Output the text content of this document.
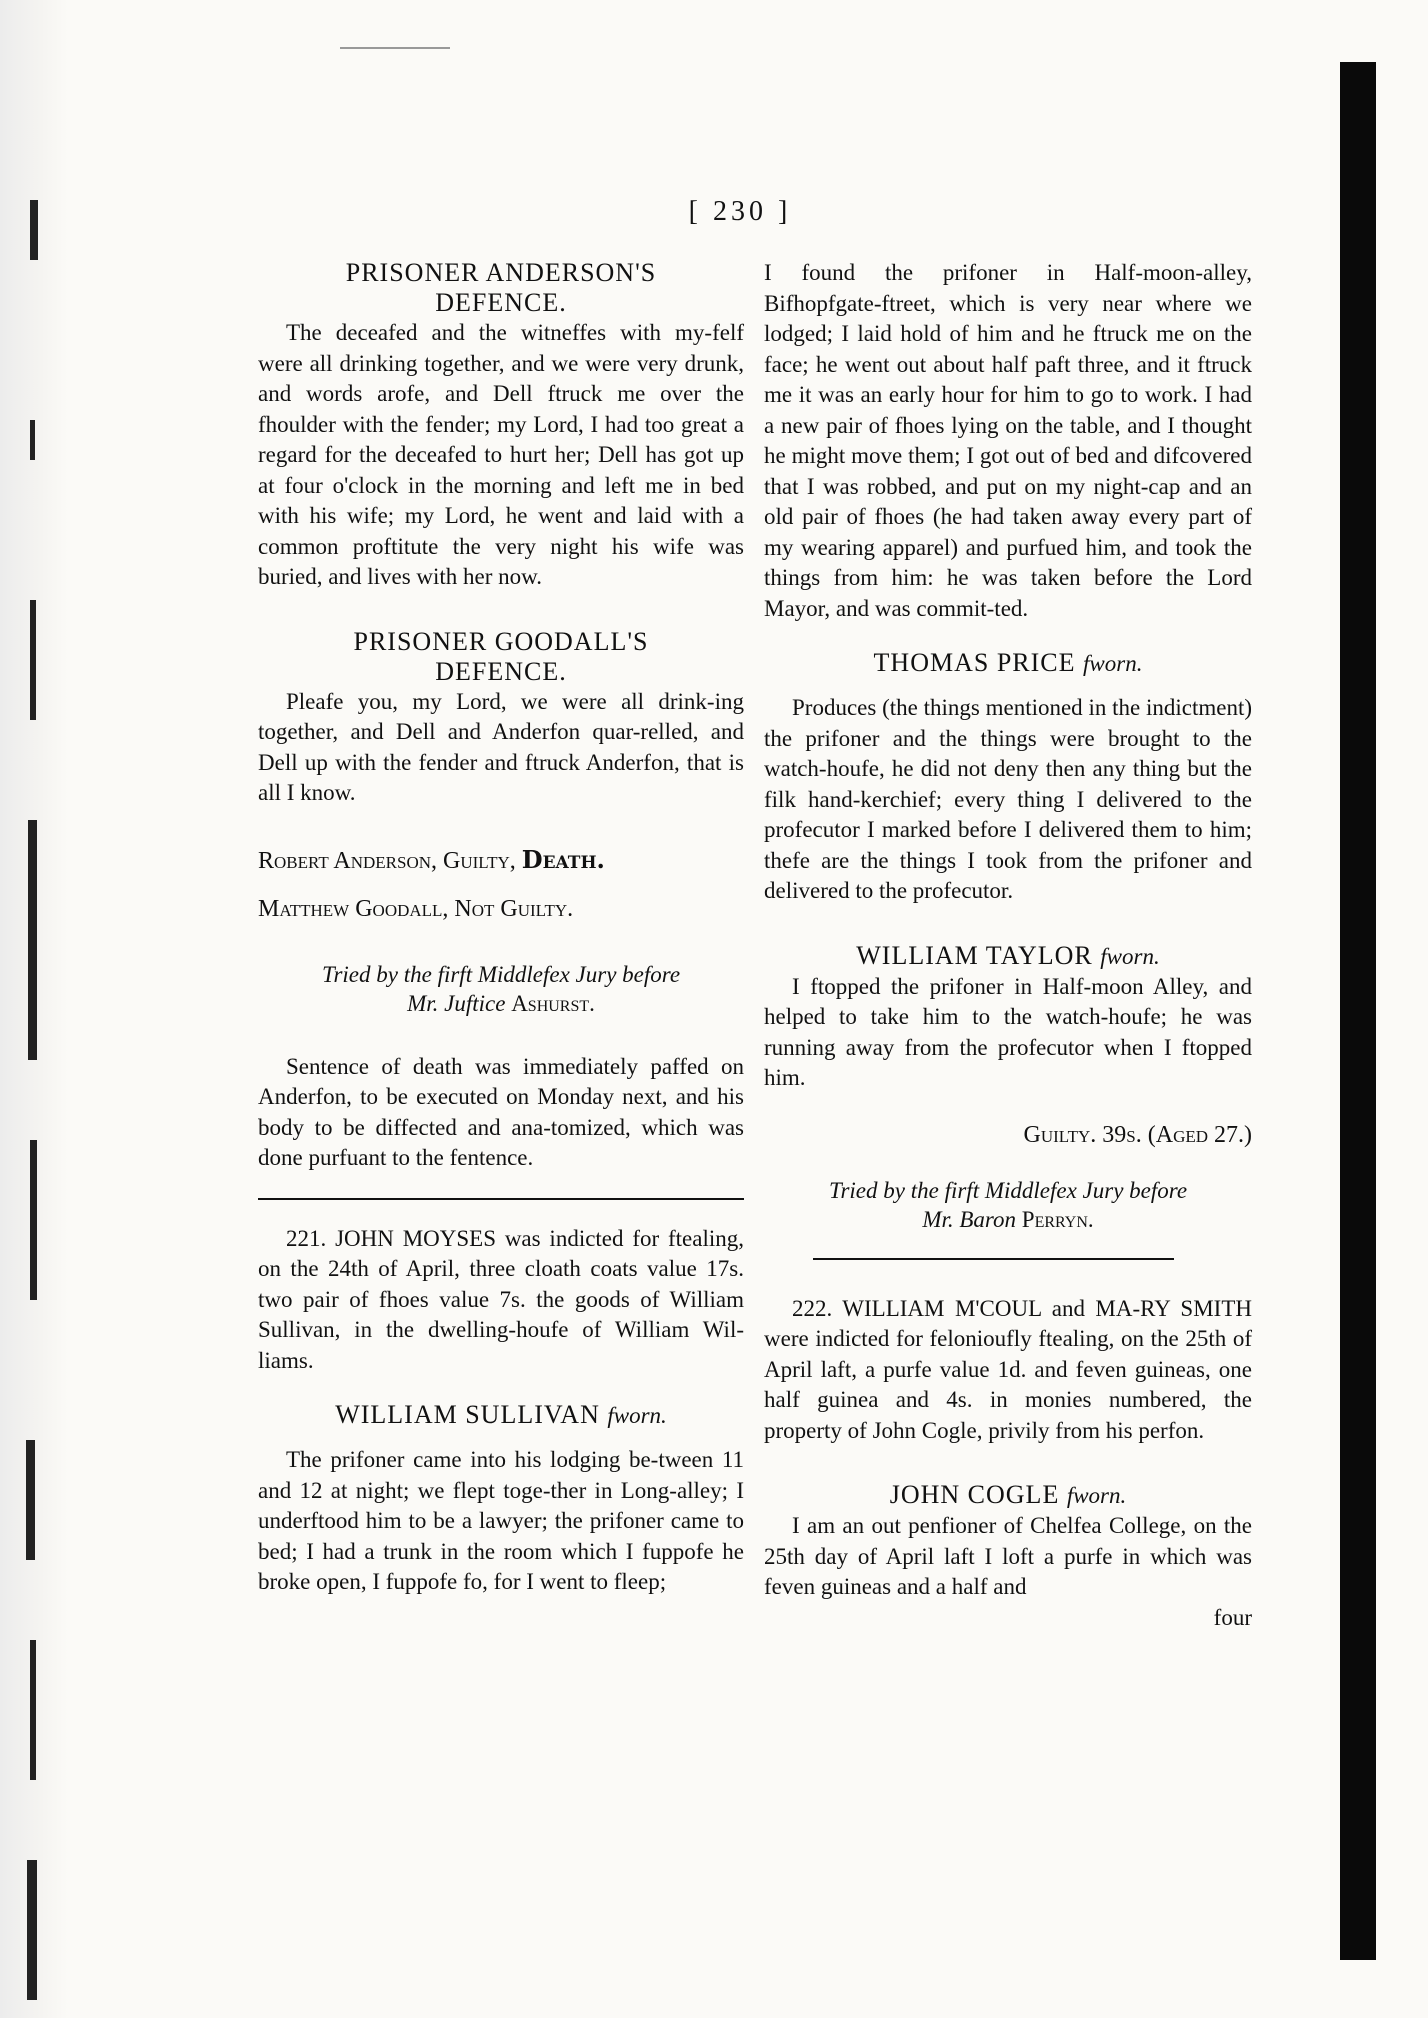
[ 230 ]

PRISONER ANDERSON'S
DEFENCE.

The deceafed and the witneffes with my-felf were all drinking together, and we were very drunk, and words arofe, and Dell ftruck me over the fhoulder with the fender; my Lord, I had too great a regard for the deceafed to hurt her; Dell has got up at four o'clock in the morning and left me in bed with his wife; my Lord, he went and laid with a common proftitute the very night his wife was buried, and lives with her now.

PRISONER GOODALL'S
DEFENCE.

Pleafe you, my Lord, we were all drink-ing together, and Dell and Anderfon quar-relled, and Dell up with the fender and ftruck Anderfon, that is all I know.

Robert Anderson, Guilty, Death.

Matthew Goodall, Not Guilty.

Tried by the firft Middlefex Jury before
Mr. Juftice Ashurst.

Sentence of death was immediately paffed on Anderfon, to be executed on Monday next, and his body to be diffected and ana-tomized, which was done purfuant to the fentence.

221. JOHN MOYSES was indicted for ftealing, on the 24th of April, three cloath coats value 17s. two pair of fhoes value 7s. the goods of William Sullivan, in the dwelling-houfe of William Wil-liams.

WILLIAM SULLIVAN fworn.

The prifoner came into his lodging be-tween 11 and 12 at night; we flept toge-ther in Long-alley; I underftood him to be a lawyer; the prifoner came to bed; I had a trunk in the room which I fuppofe he broke open, I fuppofe fo, for I went to fleep;

I found the prifoner in Half-moon-alley, Bifhopfgate-ftreet, which is very near where we lodged; I laid hold of him and he ftruck me on the face; he went out about half paft three, and it ftruck me it was an early hour for him to go to work. I had a new pair of fhoes lying on the table, and I thought he might move them; I got out of bed and difcovered that I was robbed, and put on my night-cap and an old pair of fhoes (he had taken away every part of my wearing apparel) and purfued him, and took the things from him: he was taken before the Lord Mayor, and was commit-ted.

THOMAS PRICE fworn.

Produces (the things mentioned in the indictment) the prifoner and the things were brought to the watch-houfe, he did not deny then any thing but the filk hand-kerchief; every thing I delivered to the profecutor I marked before I delivered them to him; thefe are the things I took from the prifoner and delivered to the profecutor.

WILLIAM TAYLOR fworn.

I ftopped the prifoner in Half-moon Alley, and helped to take him to the watch-houfe; he was running away from the profecutor when I ftopped him.

Guilty. 39s. (Aged 27.)

Tried by the firft Middlefex Jury before
Mr. Baron Perryn.

222. WILLIAM M'COUL and MA-RY SMITH were indicted for felonioufly ftealing, on the 25th of April laft, a purfe value 1d. and feven guineas, one half guinea and 4s. in monies numbered, the property of John Cogle, privily from his perfon.

JOHN COGLE fworn.

I am an out penfioner of Chelfea College, on the 25th day of April laft I loft a purfe in which was feven guineas and a half and

four
